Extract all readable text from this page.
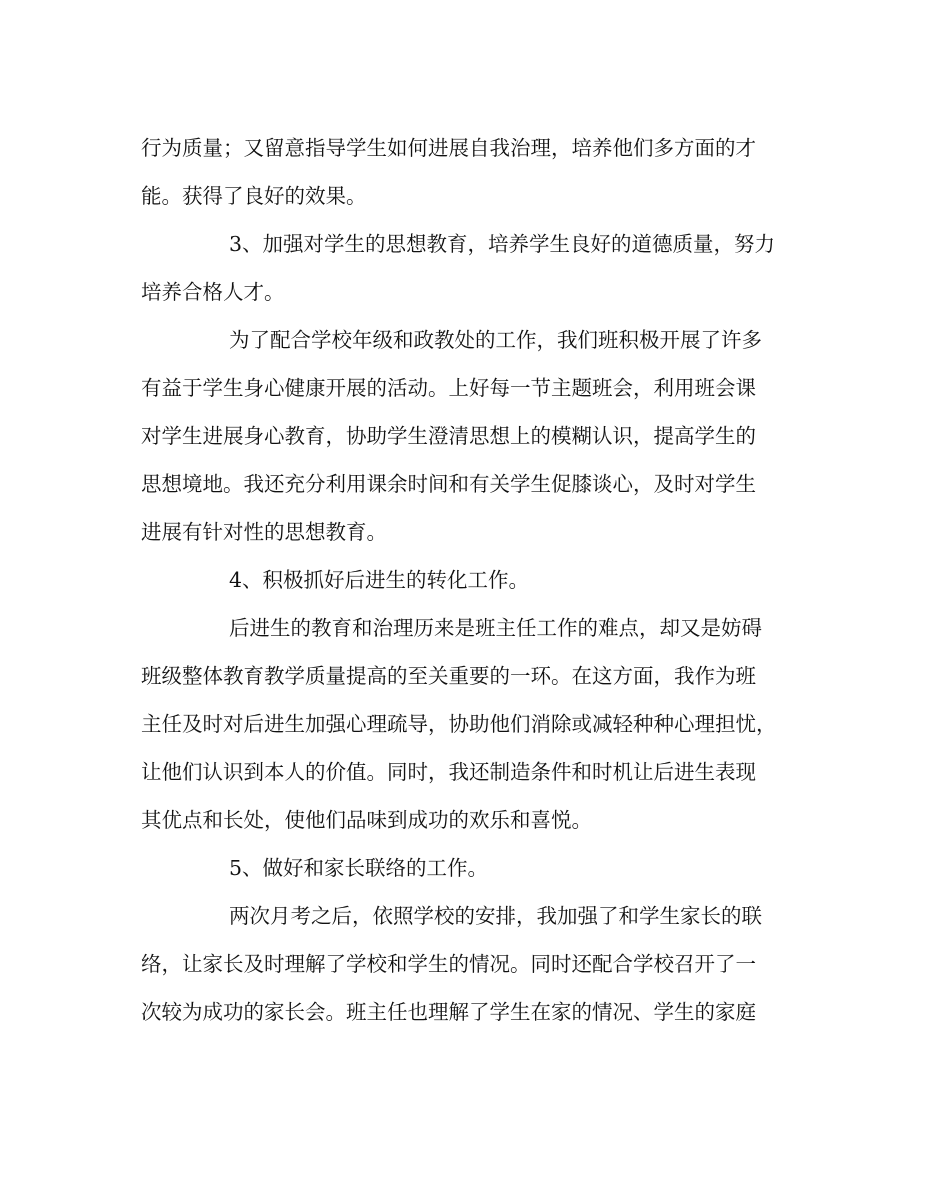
行为质量；又留意指导学生如何进展自我治理，培养他们多方面的才
能。获得了良好的效果。
3、加强对学生的思想教育，培养学生良好的道德质量，努力
培养合格人才。
为了配合学校年级和政教处的工作，我们班积极开展了许多
有益于学生身心健康开展的活动。上好每一节主题班会，利用班会课
对学生进展身心教育，协助学生澄清思想上的模糊认识，提高学生的
思想境地。我还充分利用课余时间和有关学生促膝谈心，及时对学生
进展有针对性的思想教育。
4、积极抓好后进生的转化工作。
后进生的教育和治理历来是班主任工作的难点，却又是妨碍
班级整体教育教学质量提高的至关重要的一环。在这方面，我作为班
主任及时对后进生加强心理疏导，协助他们消除或减轻种种心理担忧，
让他们认识到本人的价值。同时，我还制造条件和时机让后进生表现
其优点和长处，使他们品味到成功的欢乐和喜悦。
5、做好和家长联络的工作。
两次月考之后，依照学校的安排，我加强了和学生家长的联
络，让家长及时理解了学校和学生的情况。同时还配合学校召开了一
次较为成功的家长会。班主任也理解了学生在家的情况、学生的家庭
